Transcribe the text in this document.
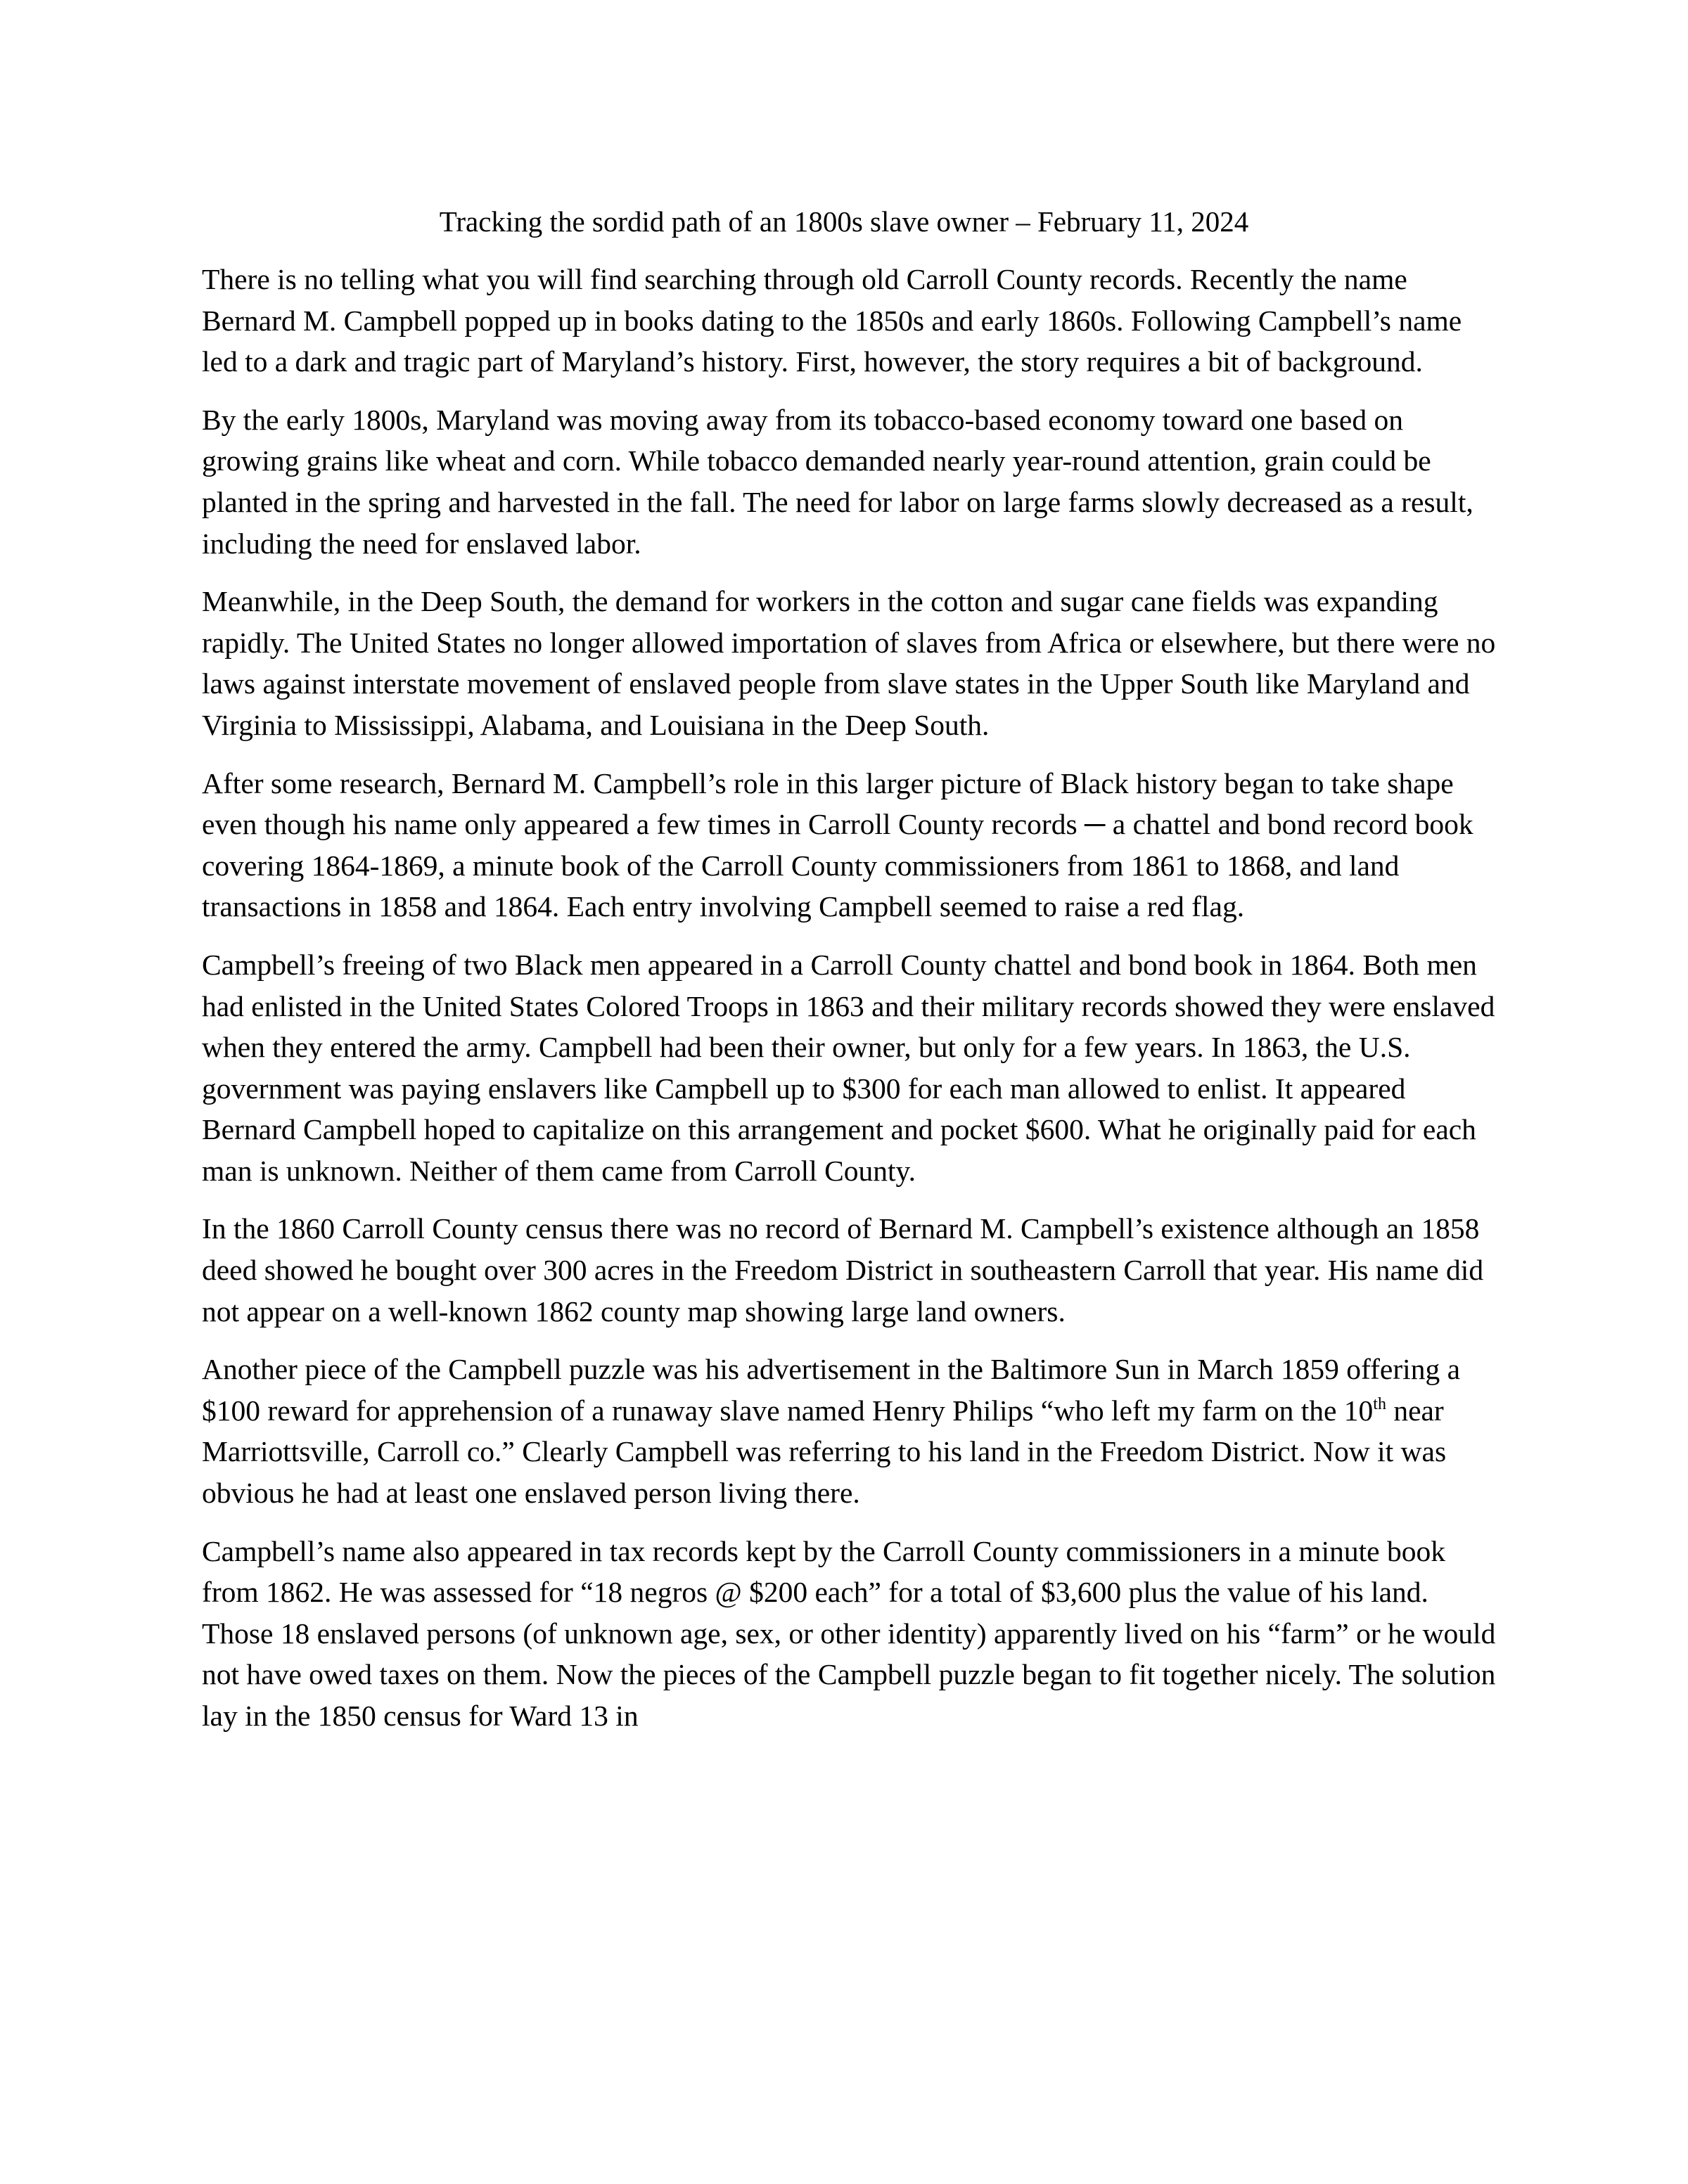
Tracking the sordid path of an 1800s slave owner – February 11, 2024

There is no telling what you will find searching through old Carroll County records. Recently the name Bernard M. Campbell popped up in books dating to the 1850s and early 1860s. Following Campbell’s name led to a dark and tragic part of Maryland’s history. First, however, the story requires a bit of background.

By the early 1800s, Maryland was moving away from its tobacco-based economy toward one based on growing grains like wheat and corn. While tobacco demanded nearly year-round attention, grain could be planted in the spring and harvested in the fall. The need for labor on large farms slowly decreased as a result, including the need for enslaved labor.

Meanwhile, in the Deep South, the demand for workers in the cotton and sugar cane fields was expanding rapidly. The United States no longer allowed importation of slaves from Africa or elsewhere, but there were no laws against interstate movement of enslaved people from slave states in the Upper South like Maryland and Virginia to Mississippi, Alabama, and Louisiana in the Deep South.

After some research, Bernard M. Campbell’s role in this larger picture of Black history began to take shape even though his name only appeared a few times in Carroll County records ─ a chattel and bond record book covering 1864-1869, a minute book of the Carroll County commissioners from 1861 to 1868, and land transactions in 1858 and 1864. Each entry involving Campbell seemed to raise a red flag.

Campbell’s freeing of two Black men appeared in a Carroll County chattel and bond book in 1864. Both men had enlisted in the United States Colored Troops in 1863 and their military records showed they were enslaved when they entered the army. Campbell had been their owner, but only for a few years. In 1863, the U.S. government was paying enslavers like Campbell up to $300 for each man allowed to enlist. It appeared Bernard Campbell hoped to capitalize on this arrangement and pocket $600. What he originally paid for each man is unknown. Neither of them came from Carroll County.

In the 1860 Carroll County census there was no record of Bernard M. Campbell’s existence although an 1858 deed showed he bought over 300 acres in the Freedom District in southeastern Carroll that year. His name did not appear on a well-known 1862 county map showing large land owners.

Another piece of the Campbell puzzle was his advertisement in the Baltimore Sun in March 1859 offering a $100 reward for apprehension of a runaway slave named Henry Philips “who left my farm on the 10th near Marriottsville, Carroll co.” Clearly Campbell was referring to his land in the Freedom District. Now it was obvious he had at least one enslaved person living there.

Campbell’s name also appeared in tax records kept by the Carroll County commissioners in a minute book from 1862. He was assessed for “18 negros @ $200 each” for a total of $3,600 plus the value of his land. Those 18 enslaved persons (of unknown age, sex, or other identity) apparently lived on his “farm” or he would not have owed taxes on them. Now the pieces of the Campbell puzzle began to fit together nicely. The solution lay in the 1850 census for Ward 13 in
